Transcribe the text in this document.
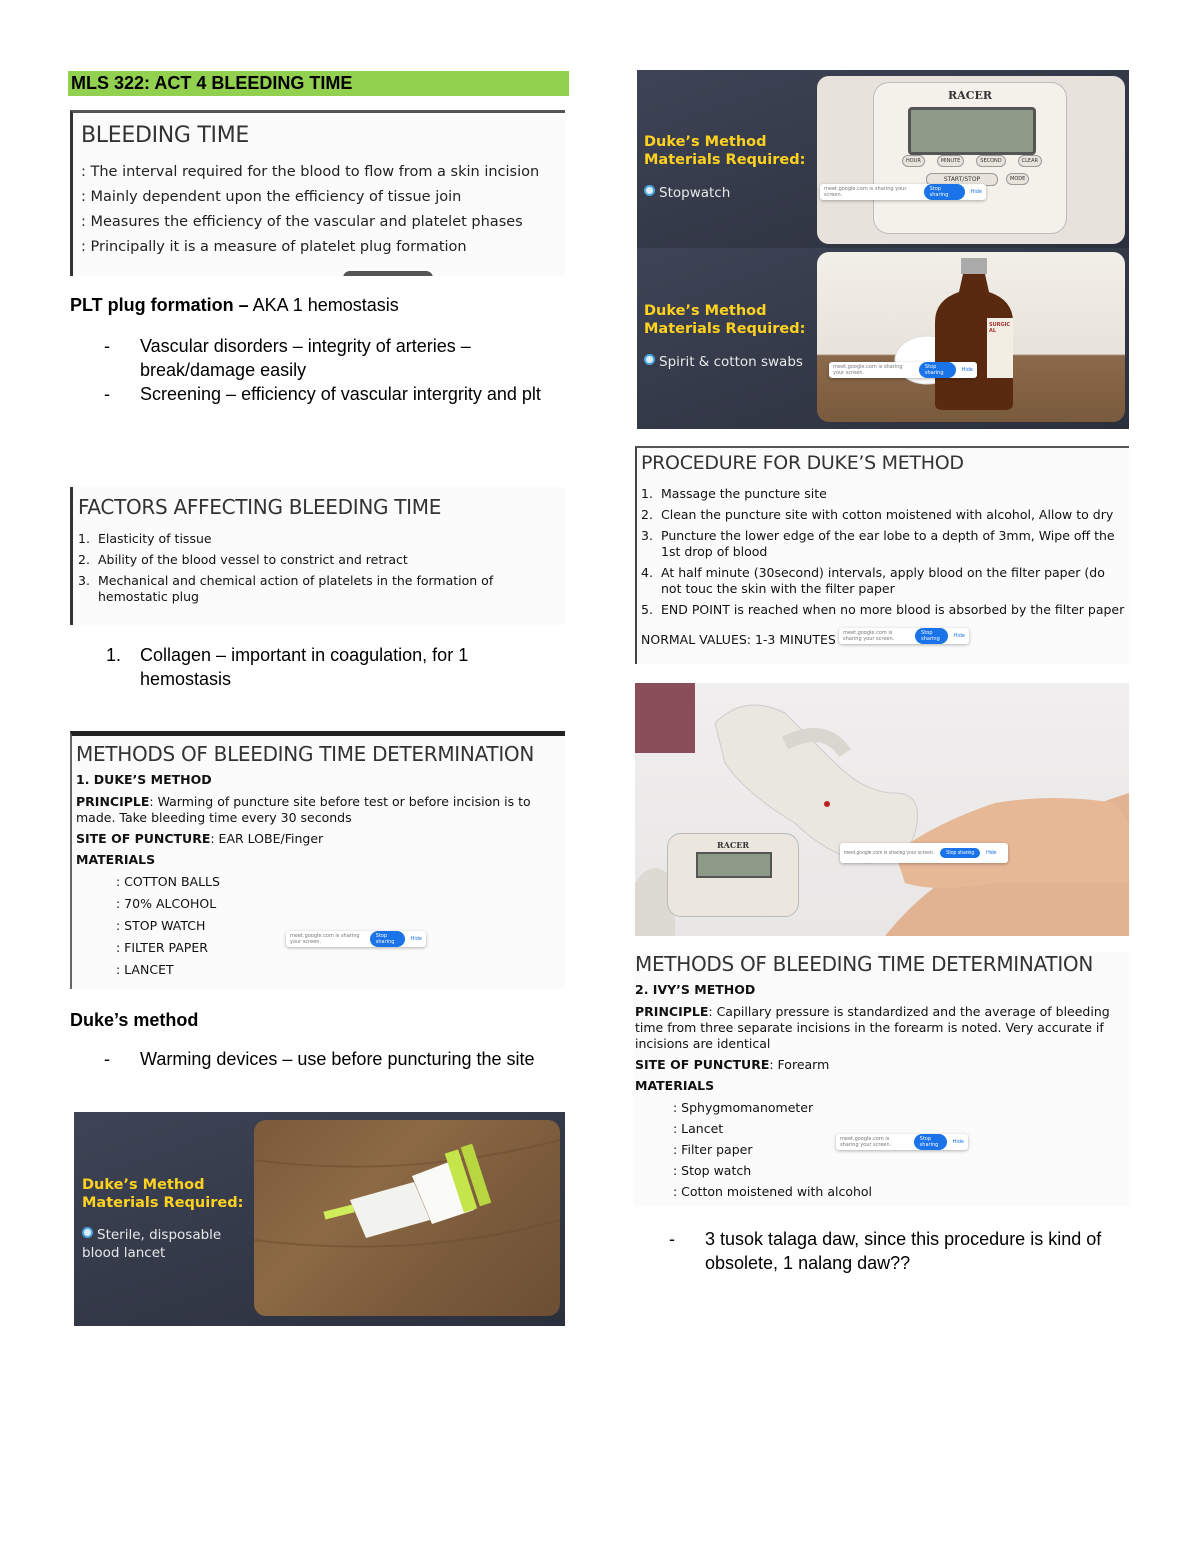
MLS 322: ACT 4 BLEEDING TIME
BLEEDING TIME
: The interval required for the blood to flow from a skin incision
: Mainly dependent upon the efficiency of tissue join
: Measures the efficiency of the vascular and platelet phases
: Principally it is a measure of platelet plug formation
PLT plug formation – AKA 1 hemostasis
-	Vascular disorders – integrity of arteries – break/damage easily
-	Screening – efficiency of vascular intergrity and plt
FACTORS AFFECTING BLEEDING TIME
1. Elasticity of tissue
2. Ability of the blood vessel to constrict and retract
3. Mechanical and chemical action of platelets in the formation of hemostatic plug
1.	Collagen – important in coagulation, for 1 hemostasis
METHODS OF BLEEDING TIME DETERMINATION
1. DUKE’S METHOD
PRINCIPLE: Warming of puncture site before test or before incision is to made. Take bleeding time every 30 seconds
SITE OF PUNCTURE: EAR LOBE/Finger
MATERIALS
: COTTON BALLS
: 70% ALCOHOL
: STOP WATCH
: FILTER PAPER
: LANCET
meet.google.com is sharing your screen.
Stop sharing	Hide
Duke’s method
-	Warming devices – use before puncturing the site
Duke’s Method
Materials Required:
Sterile, disposable blood lancet
Duke’s Method
Materials Required:
Stopwatch
RACER
HOUR	MINUTE	SECOND	CLEAR
START/STOP	MODE
meet.google.com is sharing your screen.
Stop sharing	Hide
Duke’s Method
Materials Required:
Spirit & cotton swabs
SURGICAL
meet.google.com is sharing your screen.
Stop sharing	Hide
PROCEDURE FOR DUKE’S METHOD
1. Massage the puncture site
2. Clean the puncture site with cotton moistened with alcohol, Allow to dry
3. Puncture the lower edge of the ear lobe to a depth of 3mm, Wipe off the 1st drop of blood
4. At half minute (30second) intervals, apply blood on the filter paper (do not touc the skin with the filter paper
5. END POINT is reached when no more blood is absorbed by the filter paper
NORMAL VALUES: 1-3 MINUTES	meet.google.com is sharing your screen.
Stop sharing	Hide
RACER
meet.google.com is sharing your screen.	Stop sharing	Hide
METHODS OF BLEEDING TIME DETERMINATION
2. IVY’S METHOD
PRINCIPLE: Capillary pressure is standardized and the average of bleeding time from three separate incisions in the forearm is noted. Very accurate if incisions are identical
SITE OF PUNCTURE: Forearm
MATERIALS
: Sphygmomanometer
: Lancet
: Filter paper
: Stop watch
: Cotton moistened with alcohol
meet.google.com is sharing your screen.
Stop sharing	Hide
-	3 tusok talaga daw, since this procedure is kind of obsolete, 1 nalang daw??
